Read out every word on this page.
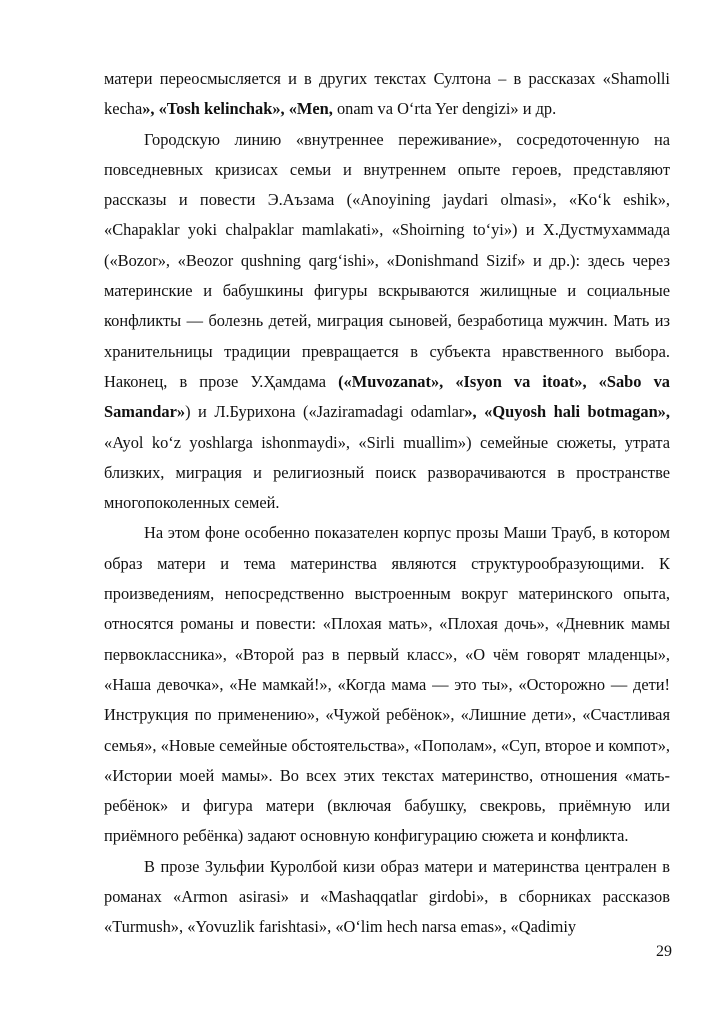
матери переосмысляется и в других текстах Султона – в рассказах «Shamolli kecha», «Tosh kelinchak», «Men, onam va O‘rta Yer dengizi» и др.

Городскую линию «внутреннее переживание», сосредоточенную на повседневных кризисах семьи и внутреннем опыте героев, представляют рассказы и повести Э.Аъзама («Anoyining jaydari olmasi», «Ko‘k eshik», «Chapaklar yoki chalpaklar mamlakati», «Shoirning to‘yi») и Х.Дустмухаммада («Bozor», «Beozor qushning qarg‘ishi», «Donishmand Sizif» и др.): здесь через материнские и бабушкины фигуры вскрываются жилищные и социальные конфликты — болезнь детей, миграция сыновей, безработица мужчин. Мать из хранительницы традиции превращается в субъекта нравственного выбора. Наконец, в прозе У.Ҳамдама («Muvozanat», «Isyon va itoat», «Sabo va Samandar») и Л.Бурихона («Jaziramadagi odamlar», «Quyosh hali botmagan», «Ayol ko‘z yoshlarga ishonmaydi», «Sirli muallim») семейные сюжеты, утрата близких, миграция и религиозный поиск разворачиваются в пространстве многопоколенных семей.

На этом фоне особенно показателен корпус прозы Маши Трауб, в котором образ матери и тема материнства являются структурообразующими. К произведениям, непосредственно выстроенным вокруг материнского опыта, относятся романы и повести: «Плохая мать», «Плохая дочь», «Дневник мамы первоклассника», «Второй раз в первый класс», «О чём говорят младенцы», «Наша девочка», «Не мамкай!», «Когда мама — это ты», «Осторожно — дети! Инструкция по применению», «Чужой ребёнок», «Лишние дети», «Счастливая семья», «Новые семейные обстоятельства», «Пополам», «Суп, второе и компот», «Истории моей мамы». Во всех этих текстах материнство, отношения «мать-ребёнок» и фигура матери (включая бабушку, свекровь, приёмную или приёмного ребёнка) задают основную конфигурацию сюжета и конфликта.

В прозе Зульфии Куролбой кизи образ матери и материнства централен в романах «Armon asirasi» и «Mashaqqatlar girdobi», в сборниках рассказов «Turmush», «Yovuzlik farishtasi», «O‘lim hech narsa emas», «Qadimiy

29
